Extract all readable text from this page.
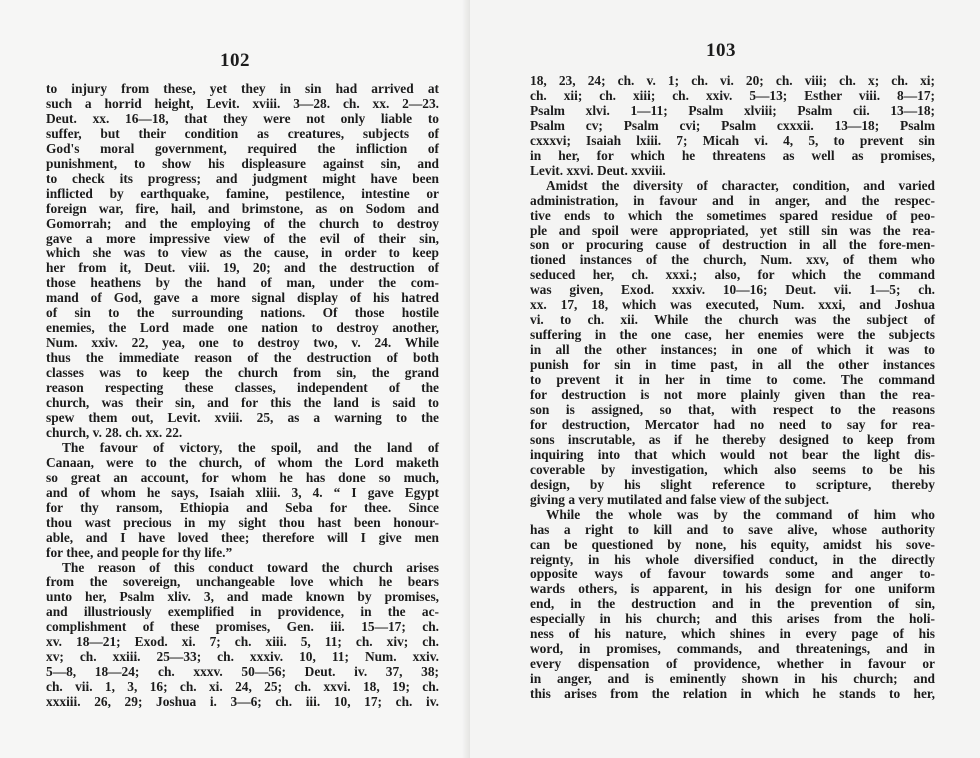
102
to injury from these, yet they in sin had arrived at
such a horrid height, Levit. xviii. 3—28. ch. xx. 2—23.
Deut. xx. 16—18, that they were not only liable to
suffer, but their condition as creatures, subjects of
God's moral government, required the infliction of
punishment, to show his displeasure against sin, and
to check its progress; and judgment might have been
inflicted by earthquake, famine, pestilence, intestine or
foreign war, fire, hail, and brimstone, as on Sodom and
Gomorrah; and the employing of the church to destroy
gave a more impressive view of the evil of their sin,
which she was to view as the cause, in order to keep
her from it, Deut. viii. 19, 20; and the destruction of
those heathens by the hand of man, under the com-
mand of God, gave a more signal display of his hatred
of sin to the surrounding nations. Of those hostile
enemies, the Lord made one nation to destroy another,
Num. xxiv. 22, yea, one to destroy two, v. 24. While
thus the immediate reason of the destruction of both
classes was to keep the church from sin, the grand
reason respecting these classes, independent of the
church, was their sin, and for this the land is said to
spew them out, Levit. xviii. 25, as a warning to the
church, v. 28. ch. xx. 22.
The favour of victory, the spoil, and the land of
Canaan, were to the church, of whom the Lord maketh
so great an account, for whom he has done so much,
and of whom he says, Isaiah xliii. 3, 4. “ I gave Egypt
for thy ransom, Ethiopia and Seba for thee. Since
thou wast precious in my sight thou hast been honour-
able, and I have loved thee; therefore will I give men
for thee, and people for thy life.”
The reason of this conduct toward the church arises
from the sovereign, unchangeable love which he bears
unto her, Psalm xliv. 3, and made known by promises,
and illustriously exemplified in providence, in the ac-
complishment of these promises, Gen. iii. 15—17; ch.
xv. 18—21; Exod. xi. 7; ch. xiii. 5, 11; ch. xiv; ch.
xv; ch. xxiii. 25—33; ch. xxxiv. 10, 11; Num. xxiv.
5—8, 18—24; ch. xxxv. 50—56; Deut. iv. 37, 38;
ch. vii. 1, 3, 16; ch. xi. 24, 25; ch. xxvi. 18, 19; ch.
xxxiii. 26, 29; Joshua i. 3—6; ch. iii. 10, 17; ch. iv.
103
18, 23, 24; ch. v. 1; ch. vi. 20; ch. viii; ch. x; ch. xi;
ch. xii; ch. xiii; ch. xxiv. 5—13; Esther viii. 8—17;
Psalm xlvi. 1—11; Psalm xlviii; Psalm cii. 13—18;
Psalm cv; Psalm cvi; Psalm cxxxii. 13—18; Psalm
cxxxvi; Isaiah lxiii. 7; Micah vi. 4, 5, to prevent sin
in her, for which he threatens as well as promises,
Levit. xxvi. Deut. xxviii.
Amidst the diversity of character, condition, and varied
administration, in favour and in anger, and the respec-
tive ends to which the sometimes spared residue of peo-
ple and spoil were appropriated, yet still sin was the rea-
son or procuring cause of destruction in all the fore-men-
tioned instances of the church, Num. xxv, of them who
seduced her, ch. xxxi.; also, for which the command
was given, Exod. xxxiv. 10—16; Deut. vii. 1—5; ch.
xx. 17, 18, which was executed, Num. xxxi, and Joshua
vi. to ch. xii. While the church was the subject of
suffering in the one case, her enemies were the subjects
in all the other instances; in one of which it was to
punish for sin in time past, in all the other instances
to prevent it in her in time to come. The command
for destruction is not more plainly given than the rea-
son is assigned, so that, with respect to the reasons
for destruction, Mercator had no need to say for rea-
sons inscrutable, as if he thereby designed to keep from
inquiring into that which would not bear the light dis-
coverable by investigation, which also seems to be his
design, by his slight reference to scripture, thereby
giving a very mutilated and false view of the subject.
While the whole was by the command of him who
has a right to kill and to save alive, whose authority
can be questioned by none, his equity, amidst his sove-
reignty, in his whole diversified conduct, in the directly
opposite ways of favour towards some and anger to-
wards others, is apparent, in his design for one uniform
end, in the destruction and in the prevention of sin,
especially in his church; and this arises from the holi-
ness of his nature, which shines in every page of his
word, in promises, commands, and threatenings, and in
every dispensation of providence, whether in favour or
in anger, and is eminently shown in his church; and
this arises from the relation in which he stands to her,
